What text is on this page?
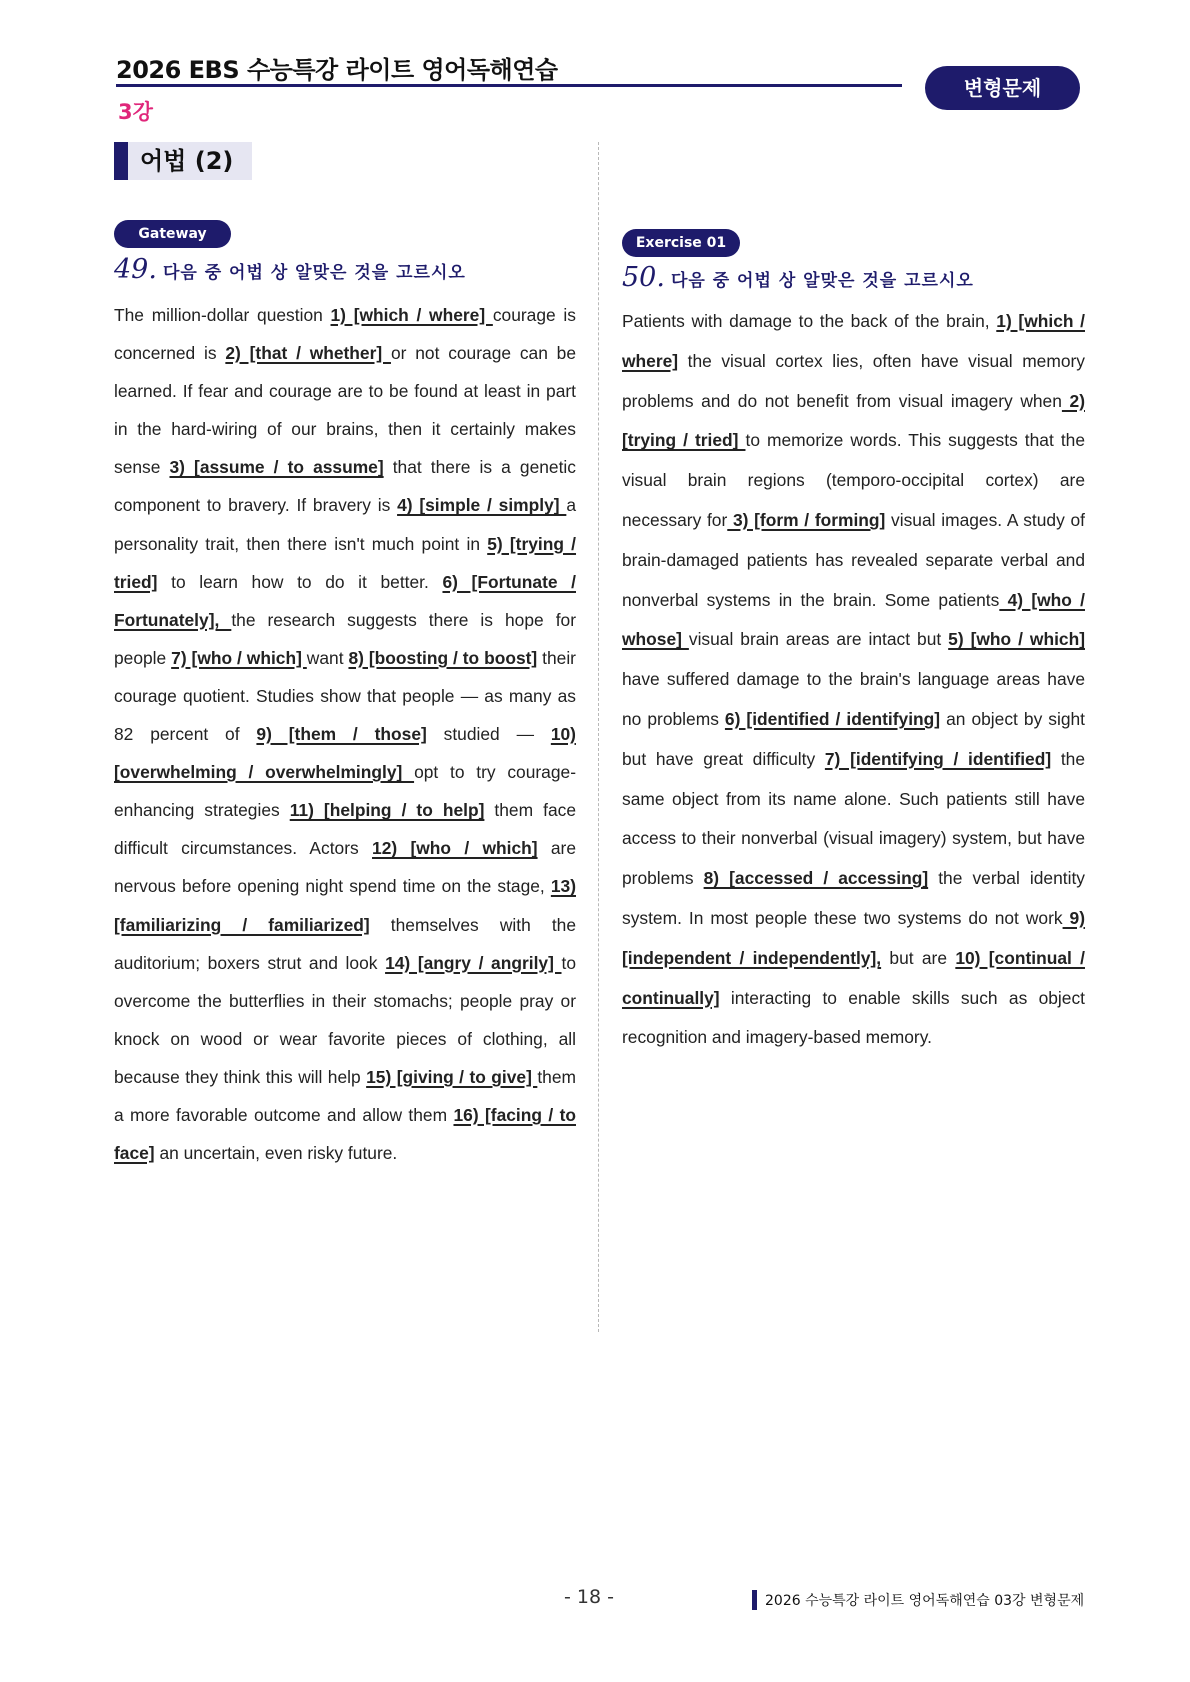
2026 EBS 수능특강 라이트 영어독해연습
3강
변형문제
어법 (2)
Gateway
49. 다음 중 어법 상 알맞은 것을 고르시오
The million-dollar question 1) [which / where] courage is concerned is 2) [that / whether] or not courage can be learned. If fear and courage are to be found at least in part in the hard-wiring of our brains, then it certainly makes sense 3) [assume / to assume] that there is a genetic component to bravery. If bravery is 4) [simple / simply] a personality trait, then there isn't much point in 5) [trying / tried] to learn how to do it better. 6) [Fortunate / Fortunately], the research suggests there is hope for people 7) [who / which] want 8) [boosting / to boost] their courage quotient. Studies show that people — as many as 82 percent of 9) [them / those] studied — 10) [overwhelming / overwhelmingly] opt to try courage-enhancing strategies 11) [helping / to help] them face difficult circumstances. Actors 12) [who / which] are nervous before opening night spend time on the stage, 13) [familiarizing / familiarized] themselves with the auditorium; boxers strut and look 14) [angry / angrily] to overcome the butterflies in their stomachs; people pray or knock on wood or wear favorite pieces of clothing, all because they think this will help 15) [giving / to give] them a more favorable outcome and allow them 16) [facing / to face] an uncertain, even risky future.
Exercise 01
50. 다음 중 어법 상 알맞은 것을 고르시오
Patients with damage to the back of the brain, 1) [which / where] the visual cortex lies, often have visual memory problems and do not benefit from visual imagery when 2) [trying / tried] to memorize words. This suggests that the visual brain regions (temporo-occipital cortex) are necessary for 3) [form / forming] visual images. A study of brain-damaged patients has revealed separate verbal and nonverbal systems in the brain. Some patients 4) [who / whose] visual brain areas are intact but 5) [who / which] have suffered damage to the brain's language areas have no problems 6) [identified / identifying] an object by sight but have great difficulty 7) [identifying / identified] the same object from its name alone. Such patients still have access to their nonverbal (visual imagery) system, but have problems 8) [accessed / accessing] the verbal identity system. In most people these two systems do not work 9) [independent / independently], but are 10) [continual / continually] interacting to enable skills such as object recognition and imagery-based memory.
- 18 -	2026 수능특강 라이트 영어독해연습 03강 변형문제
